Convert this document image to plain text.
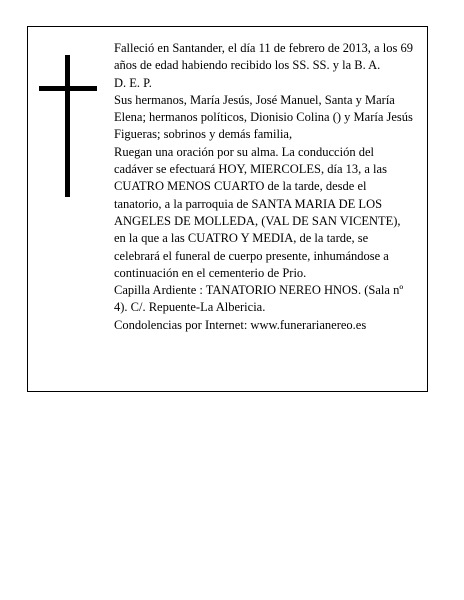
Falleció en Santander, el día 11 de febrero de 2013, a los 69 años de edad habiendo recibido los SS. SS. y la B. A.

D. E. P.

Sus hermanos, María Jesús, José Manuel, Santa y María Elena; hermanos políticos, Dionisio Colina () y María Jesús Figueras; sobrinos y demás familia,

Ruegan una oración por su alma. La conducción del cadáver se efectuará HOY, MIERCOLES, día 13, a las CUATRO MENOS CUARTO de la tarde, desde el tanatorio, a la parroquia de SANTA MARIA DE LOS ANGELES DE MOLLEDA, (VAL DE SAN VICENTE), en la que a las CUATRO Y MEDIA, de la tarde, se celebrará el funeral de cuerpo presente, inhumándose a continuación en el cementerio de Prio.

Capilla Ardiente : TANATORIO NEREO HNOS. (Sala nº 4). C/. Repuente-La Albericia.

Condolencias por Internet: www.funerarianereo.es
